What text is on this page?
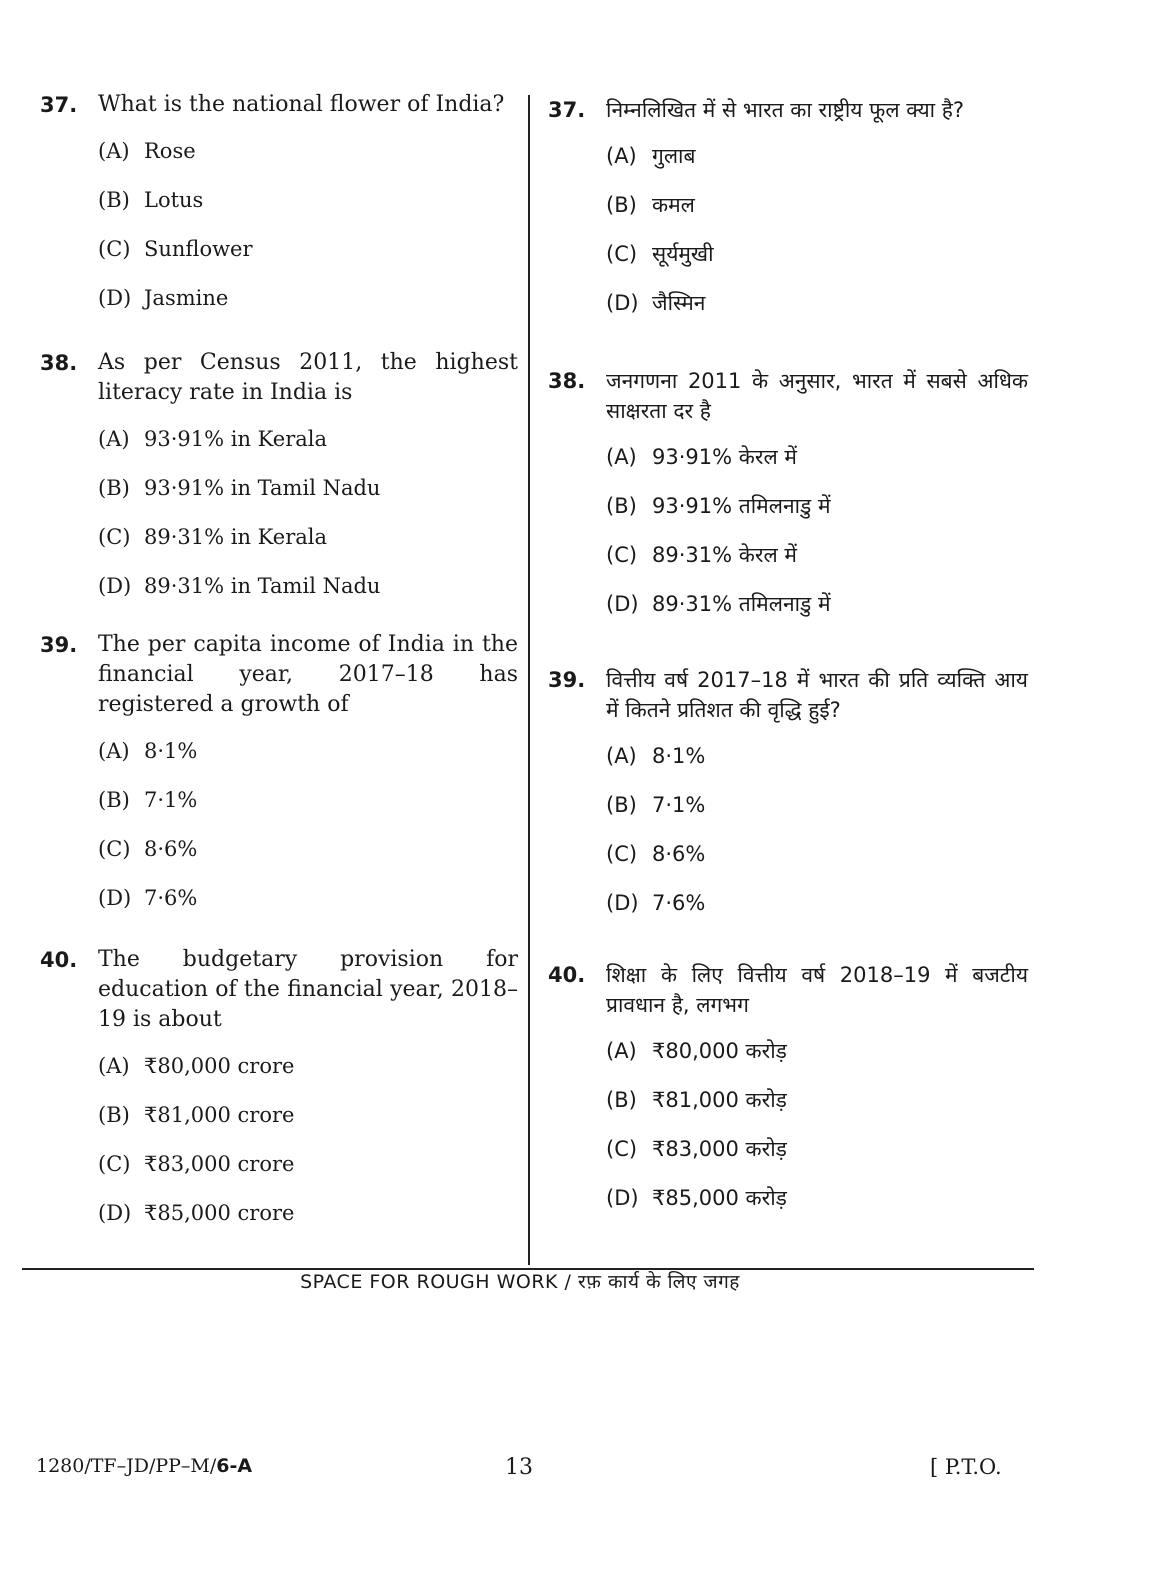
37. What is the national flower of India?
(A) Rose
(B) Lotus
(C) Sunflower
(D) Jasmine
38. As per Census 2011, the highest literacy rate in India is
(A) 93·91% in Kerala
(B) 93·91% in Tamil Nadu
(C) 89·31% in Kerala
(D) 89·31% in Tamil Nadu
39. The per capita income of India in the financial year, 2017–18 has registered a growth of
(A) 8·1%
(B) 7·1%
(C) 8·6%
(D) 7·6%
40. The budgetary provision for education of the financial year, 2018–19 is about
(A) ₹80,000 crore
(B) ₹81,000 crore
(C) ₹83,000 crore
(D) ₹85,000 crore
37. निम्नलिखित में से भारत का राष्ट्रीय फूल क्या है?
(A) गुलाब
(B) कमल
(C) सूर्यमुखी
(D) जैस्मिन
38. जनगणना 2011 के अनुसार, भारत में सबसे अधिक साक्षरता दर है
(A) 93·91% केरल में
(B) 93·91% तमिलनाडु में
(C) 89·31% केरल में
(D) 89·31% तमिलनाडु में
39. वित्तीय वर्ष 2017–18 में भारत की प्रति व्यक्ति आय में कितने प्रतिशत की वृद्धि हुई?
(A) 8·1%
(B) 7·1%
(C) 8·6%
(D) 7·6%
40. शिक्षा के लिए वित्तीय वर्ष 2018–19 में बजटीय प्रावधान है, लगभग
(A) ₹80,000 करोड़
(B) ₹81,000 करोड़
(C) ₹83,000 करोड़
(D) ₹85,000 करोड़
SPACE FOR ROUGH WORK / रफ़ कार्य के लिए जगह
1280/TF–JD/PP–M/6-A	13	[ P.T.O.
